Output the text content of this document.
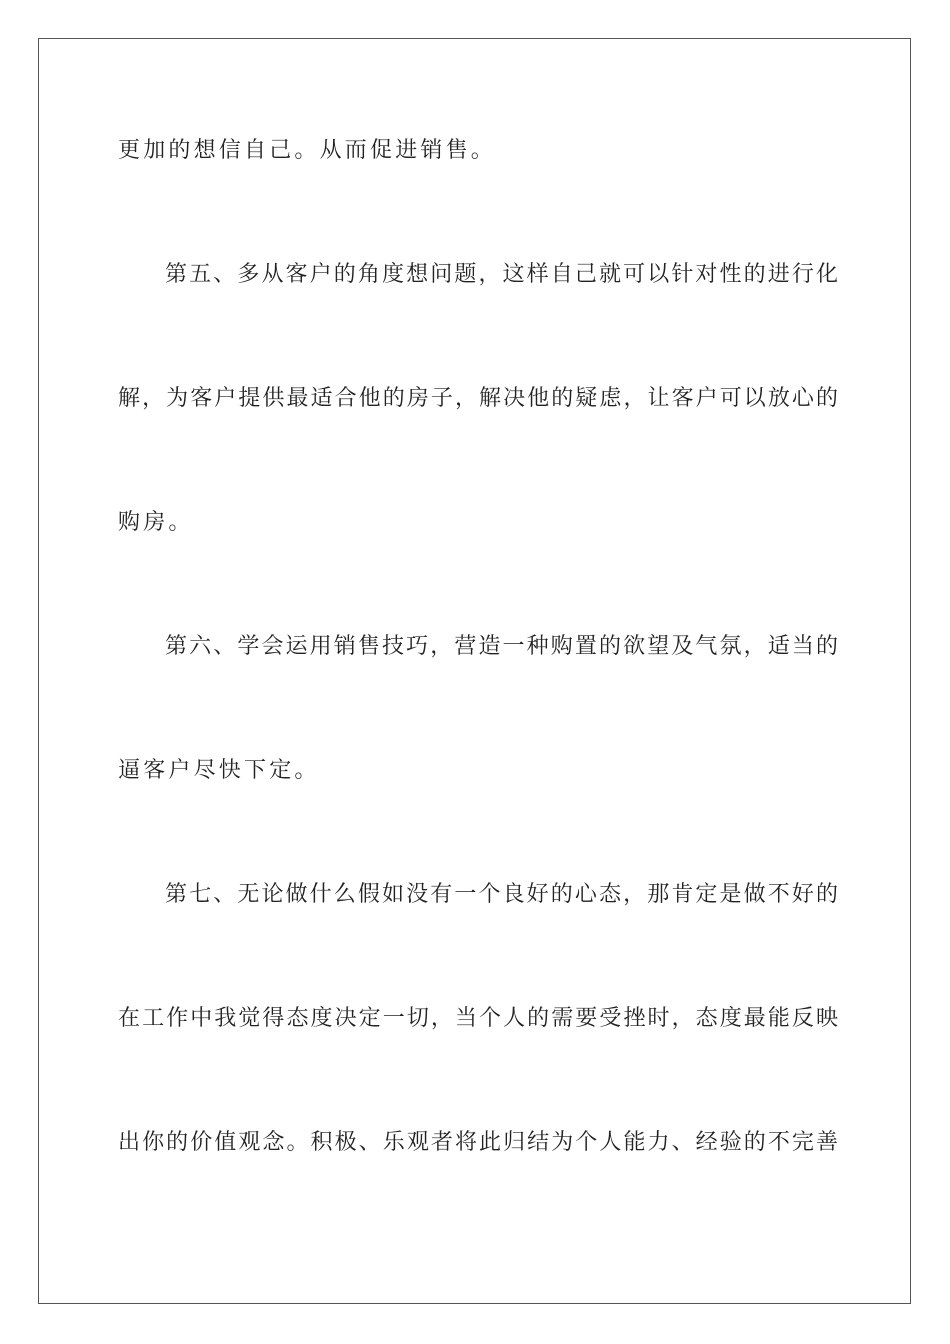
更加的想信自己。从而促进销售。
第五、多从客户的角度想问题，这样自己就可以针对性的进行化
解，为客户提供最适合他的房子，解决他的疑虑，让客户可以放心的
购房。
第六、学会运用销售技巧，营造一种购置的欲望及气氛，适当的
逼客户尽快下定。
第七、无论做什么假如没有一个良好的心态，那肯定是做不好的
在工作中我觉得态度决定一切，当个人的需要受挫时，态度最能反映
出你的价值观念。积极、乐观者将此归结为个人能力、经验的不完善
